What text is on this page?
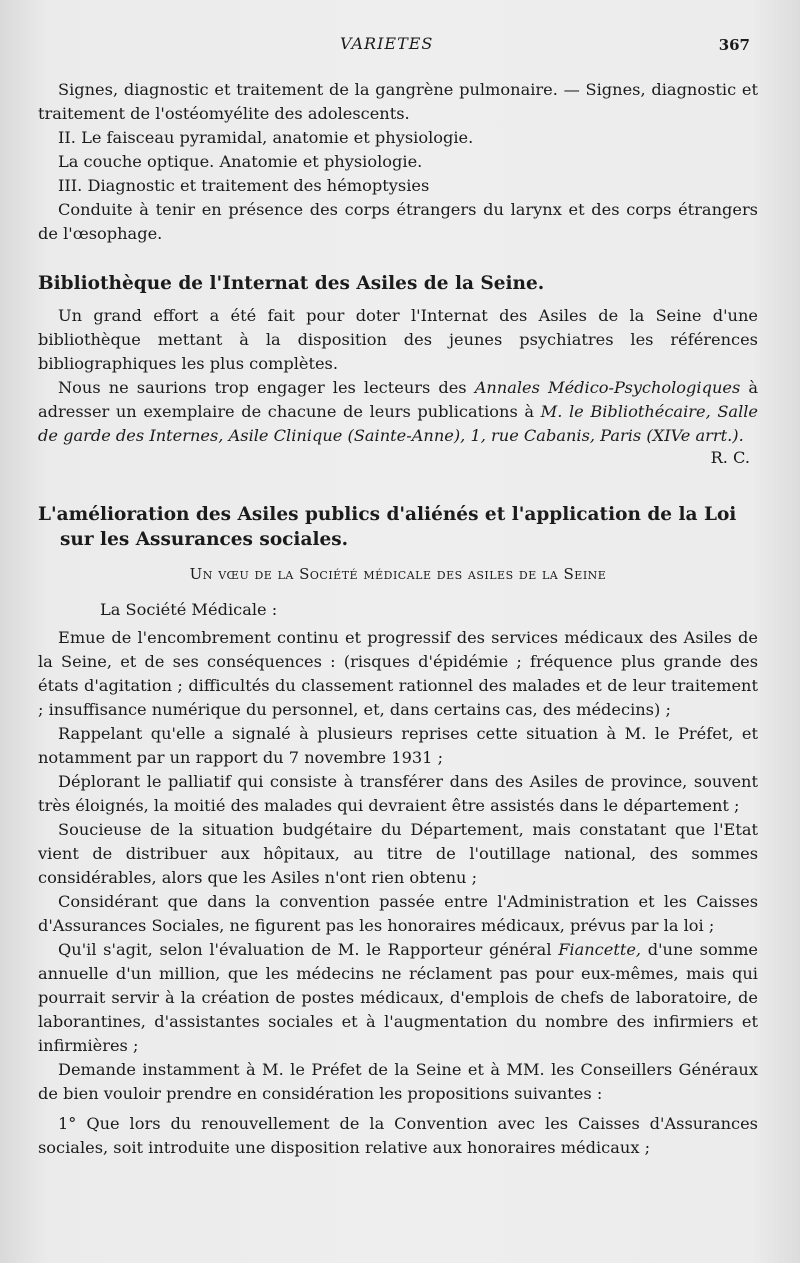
VARIETES	367

Signes, diagnostic et traitement de la gangrène pulmonaire. — Signes, diagnostic et traitement de l'ostéomyélite des adolescents.

II. Le faisceau pyramidal, anatomie et physiologie.

La couche optique. Anatomie et physiologie.

III. Diagnostic et traitement des hémoptysies

Conduite à tenir en présence des corps étrangers du larynx et des corps étrangers de l'œsophage.

Bibliothèque de l'Internat des Asiles de la Seine.

Un grand effort a été fait pour doter l'Internat des Asiles de la Seine d'une bibliothèque mettant à la disposition des jeunes psychiatres les références bibliographiques les plus complètes.

Nous ne saurions trop engager les lecteurs des Annales Médico-Psychologiques à adresser un exemplaire de chacune de leurs publications à M. le Bibliothécaire, Salle de garde des Internes, Asile Clinique (Sainte-Anne), 1, rue Cabanis, Paris (XIVe arrt.).

R. C.

L'amélioration des Asiles publics d'aliénés et l'application de la Loi sur les Assurances sociales.

Un vœu de la Société médicale des asiles de la Seine

La Société Médicale :

Emue de l'encombrement continu et progressif des services médicaux des Asiles de la Seine, et de ses conséquences : (risques d'épidémie ; fréquence plus grande des états d'agitation ; difficultés du classement rationnel des malades et de leur traitement ; insuffisance numérique du personnel, et, dans certains cas, des médecins) ;

Rappelant qu'elle a signalé à plusieurs reprises cette situation à M. le Préfet, et notamment par un rapport du 7 novembre 1931 ;

Déplorant le palliatif qui consiste à transférer dans des Asiles de province, souvent très éloignés, la moitié des malades qui devraient être assistés dans le département ;

Soucieuse de la situation budgétaire du Département, mais constatant que l'Etat vient de distribuer aux hôpitaux, au titre de l'outillage national, des sommes considérables, alors que les Asiles n'ont rien obtenu ;

Considérant que dans la convention passée entre l'Administration et les Caisses d'Assurances Sociales, ne figurent pas les honoraires médicaux, prévus par la loi ;

Qu'il s'agit, selon l'évaluation de M. le Rapporteur général Fiancette, d'une somme annuelle d'un million, que les médecins ne réclament pas pour eux-mêmes, mais qui pourrait servir à la création de postes médicaux, d'emplois de chefs de laboratoire, de laborantines, d'assistantes sociales et à l'augmentation du nombre des infirmiers et infirmières ;

Demande instamment à M. le Préfet de la Seine et à MM. les Conseillers Généraux de bien vouloir prendre en considération les propositions suivantes :

1° Que lors du renouvellement de la Convention avec les Caisses d'Assurances sociales, soit introduite une disposition relative aux honoraires médicaux ;
